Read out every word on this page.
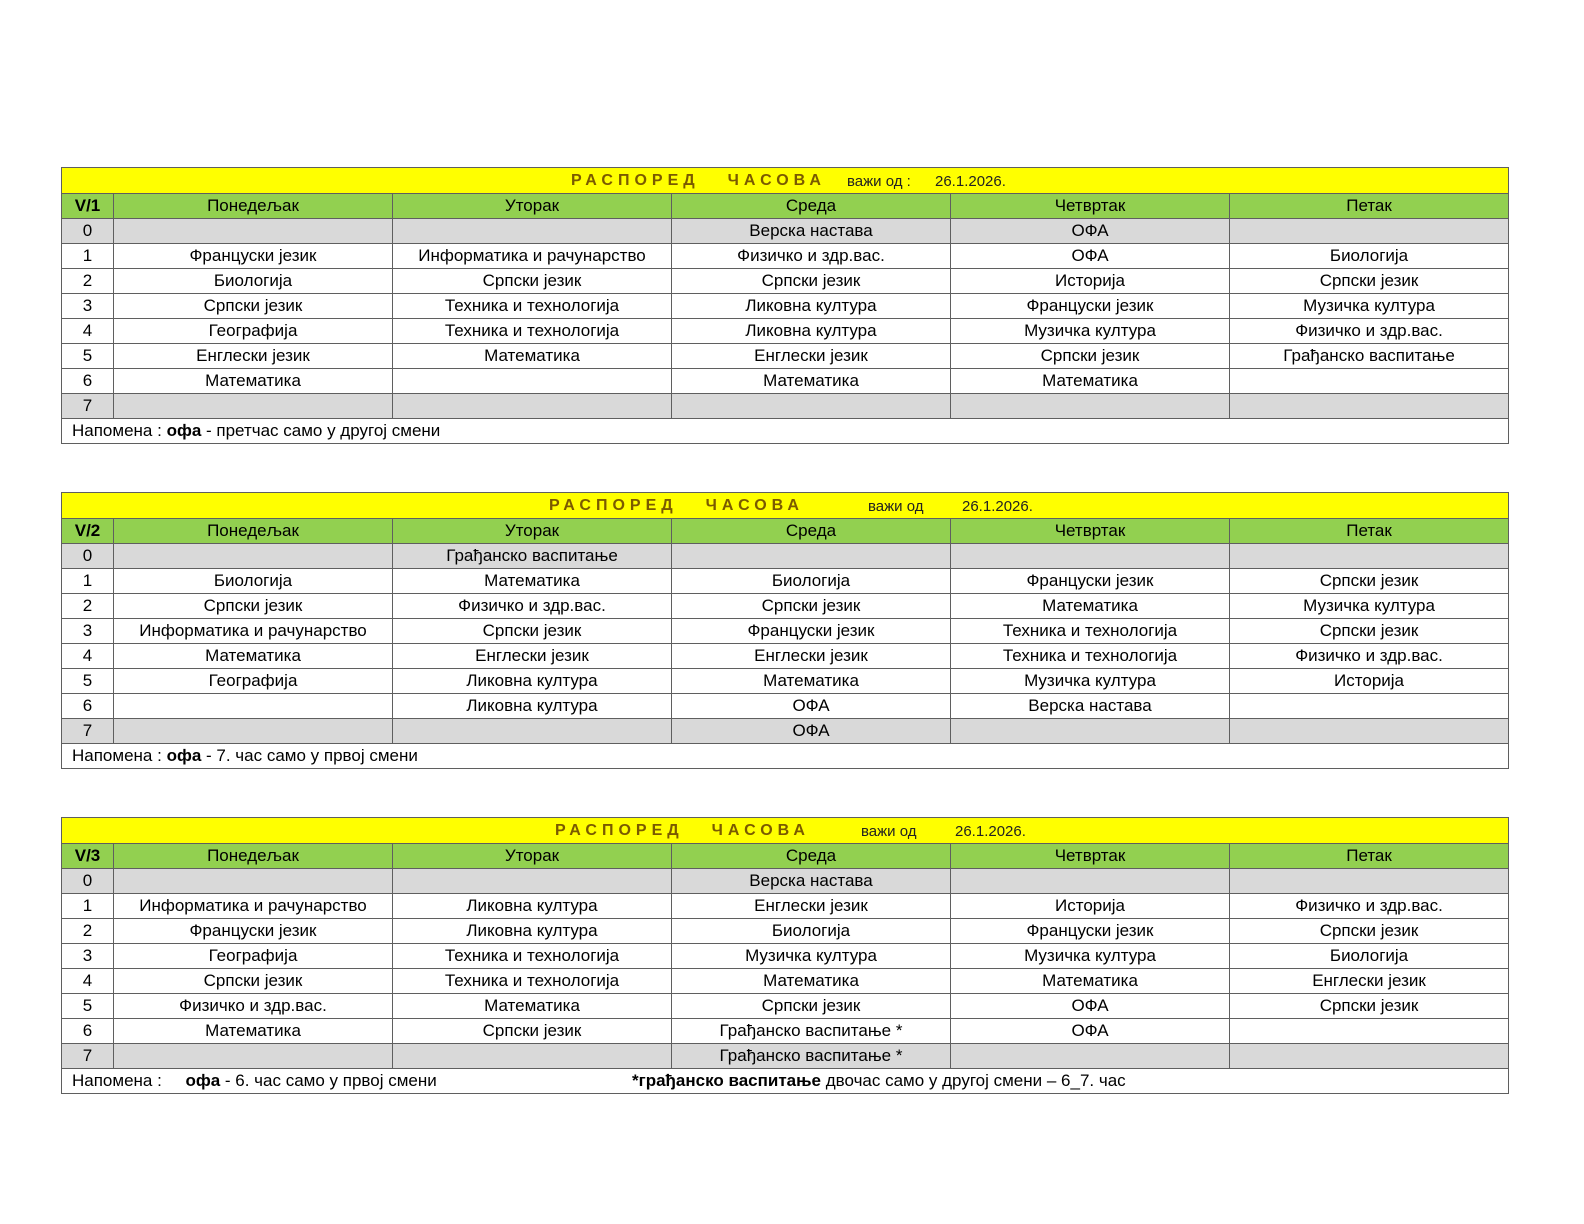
РАСПОРЕД ЧАСОВА важи од : 26.1.2026.					

V/1	Понедељак	Уторак	Среда	Четвртак	Петак
0			Верска настава	ОФА	
1	Француски језик	Информатика и рачунарство	Физичко и здр.вас.	ОФА	Биологија
2	Биологија	Српски језик	Српски језик	Историја	Српски језик
3	Српски језик	Техника и технологија	Ликовна култура	Француски језик	Музичка култура
4	Географија	Техника и технологија	Ликовна култура	Музичка култура	Физичко и здр.вас.
5	Енглески језик	Математика	Енглески језик	Српски језик	Грађанско васпитање
6	Математика		Математика	Математика	
7					

Напомена : офа - претчас само у другој смени					
РАСПОРЕД ЧАСОВА важи од 26.1.2026.					

V/2	Понедељак	Уторак	Среда	Четвртак	Петак
0		Грађанско васпитање			
1	Биологија	Математика	Биологија	Француски језик	Српски језик
2	Српски језик	Физичко и здр.вас.	Српски језик	Математика	Музичка култура
3	Информатика и рачунарство	Српски језик	Француски језик	Техника и технологија	Српски језик
4	Математика	Енглески језик	Енглески језик	Техника и технологија	Физичко и здр.вас.
5	Географија	Ликовна култура	Математика	Музичка култура	Историја
6		Ликовна култура	ОФА	Верска настава	
7			ОФА		

Напомена : офа - 7. час само у првој смени					
РАСПОРЕД ЧАСОВА важи од 26.1.2026.					

V/3	Понедељак	Уторак	Среда	Четвртак	Петак
0			Верска настава		
1	Информатика и рачунарство	Ликовна култура	Енглески језик	Историја	Физичко и здр.вас.
2	Француски језик	Ликовна култура	Биологија	Француски језик	Српски језик
3	Географија	Техника и технологија	Музичка култура	Музичка култура	Биологија
4	Српски језик	Техника и технологија	Математика	Математика	Енглески језик
5	Физичко и здр.вас.	Математика	Српски језик	ОФА	Српски језик
6	Математика	Српски језик	Грађанско васпитање *	ОФА	
7			Грађанско васпитање *		

Напомена : офа - 6. час само у првој смени *грађанско васпитање двочас само у другој смени – 6_7. час					
